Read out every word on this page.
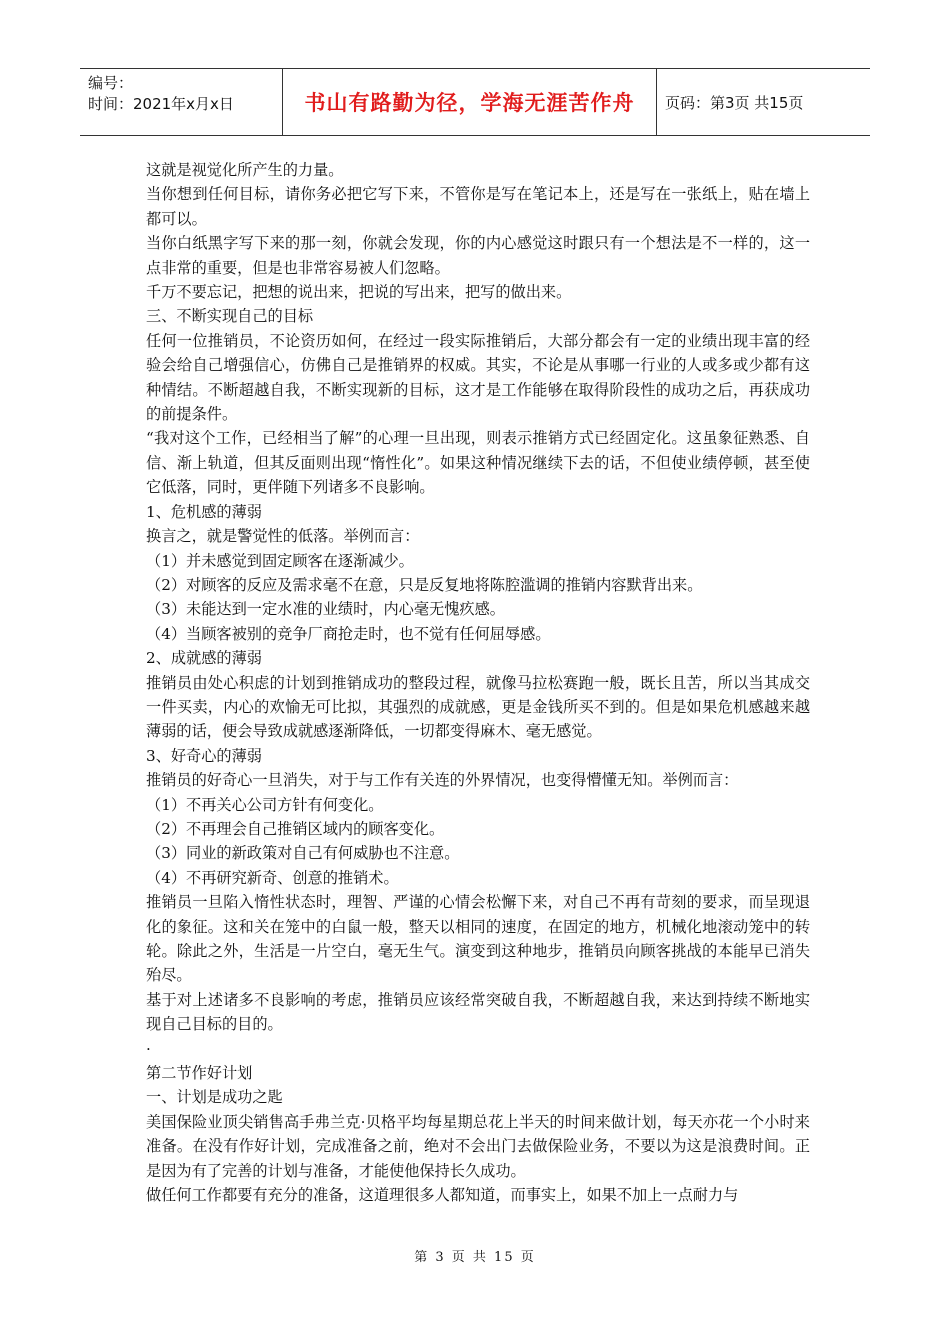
编号：
时间：2021年x月x日	书山有路勤为径，学海无涯苦作舟	页码：第3页 共15页

这就是视觉化所产生的力量。

当你想到任何目标，请你务必把它写下来，不管你是写在笔记本上，还是写在一张纸上，贴在墙上都可以。

当你白纸黑字写下来的那一刻，你就会发现，你的内心感觉这时跟只有一个想法是不一样的，这一点非常的重要，但是也非常容易被人们忽略。

千万不要忘记，把想的说出来，把说的写出来，把写的做出来。

三、不断实现自己的目标

任何一位推销员，不论资历如何，在经过一段实际推销后，大部分都会有一定的业绩出现丰富的经验会给自己增强信心，仿佛自己是推销界的权威。其实，不论是从事哪一行业的人或多或少都有这种情结。不断超越自我，不断实现新的目标，这才是工作能够在取得阶段性的成功之后，再获成功的前提条件。

“我对这个工作，已经相当了解”的心理一旦出现，则表示推销方式已经固定化。这虽象征熟悉、自信、渐上轨道，但其反面则出现“惰性化”。如果这种情况继续下去的话，不但使业绩停顿，甚至使它低落，同时，更伴随下列诸多不良影响。

1、危机感的薄弱

换言之，就是警觉性的低落。举例而言：

（1）并未感觉到固定顾客在逐渐减少。

（2）对顾客的反应及需求毫不在意，只是反复地将陈腔滥调的推销内容默背出来。

（3）未能达到一定水准的业绩时，内心毫无愧疚感。

（4）当顾客被别的竞争厂商抢走时，也不觉有任何屈辱感。

2、成就感的薄弱

推销员由处心积虑的计划到推销成功的整段过程，就像马拉松赛跑一般，既长且苦，所以当其成交一件买卖，内心的欢愉无可比拟，其强烈的成就感，更是金钱所买不到的。但是如果危机感越来越薄弱的话，便会导致成就感逐渐降低，一切都变得麻木、毫无感觉。

3、好奇心的薄弱

推销员的好奇心一旦消失，对于与工作有关连的外界情况，也变得懵懂无知。举例而言：

（1）不再关心公司方针有何变化。

（2）不再理会自己推销区域内的顾客变化。

（3）同业的新政策对自己有何威胁也不注意。

（4）不再研究新奇、创意的推销术。

推销员一旦陷入惰性状态时，理智、严谨的心情会松懈下来，对自己不再有苛刻的要求，而呈现退化的象征。这和关在笼中的白鼠一般，整天以相同的速度，在固定的地方，机械化地滚动笼中的转轮。除此之外，生活是一片空白，毫无生气。演变到这种地步，推销员向顾客挑战的本能早已消失殆尽。

基于对上述诸多不良影响的考虑，推销员应该经常突破自我，不断超越自我，来达到持续不断地实现自己目标的目的。

·

第二节作好计划

一、计划是成功之匙

美国保险业顶尖销售高手弗兰克·贝格平均每星期总花上半天的时间来做计划，每天亦花一个小时来准备。在没有作好计划，完成准备之前，绝对不会出门去做保险业务，不要以为这是浪费时间。正是因为有了完善的计划与准备，才能使他保持长久成功。

做任何工作都要有充分的准备，这道理很多人都知道，而事实上，如果不加上一点耐力与

第 3 页 共 15 页
